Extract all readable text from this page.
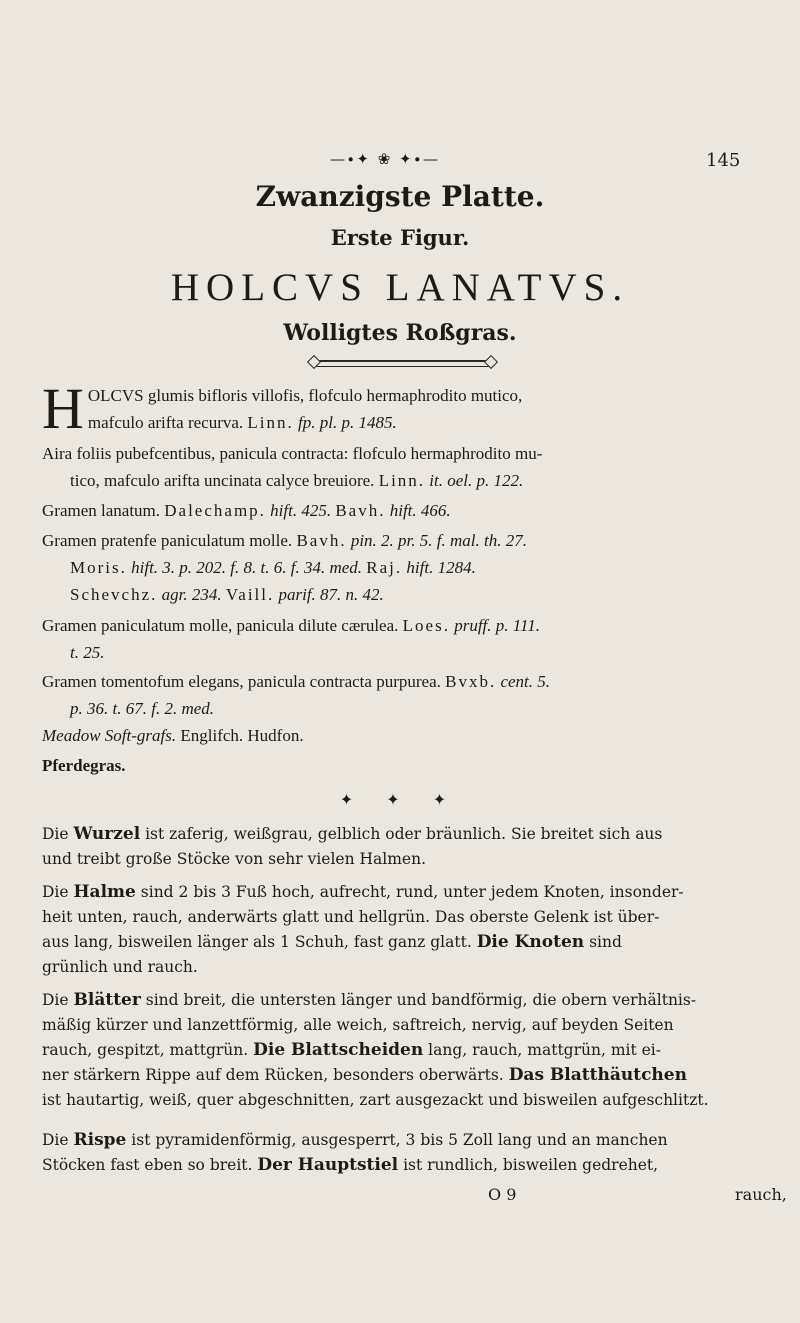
—∙✦ ❀ ✦∙—	145
Zwanzigste Platte.
Erste Figur.
HOLCVS LANATVS.
Wolligtes Roßgras.
H OLCVS glumis bifloris villofis, flofculo hermaphrodito mutico,
mafculo arifta recurva. Linn. fp. pl. p. 1485.
Aira foliis pubefcentibus, panicula contracta: flofculo hermaphrodito mu-
tico, mafculo arifta uncinata calyce breuiore. Linn. it. oel. p. 122.
Gramen lanatum. Dalechamp. hift. 425. Bavh. hift. 466.
Gramen pratenfe paniculatum molle. Bavh. pin. 2. pr. 5. f. mal. th. 27.
Moris. hift. 3. p. 202. f. 8. t. 6. f. 34. med. Raj. hift. 1284.
Schevchz. agr. 234. Vaill. parif. 87. n. 42.
Gramen paniculatum molle, panicula dilute cærulea. Loes. pruff. p. 111.
t. 25.
Gramen tomentofum elegans, panicula contracta purpurea. Bvxb. cent. 5.
p. 36. t. 67. f. 2. med.
Meadow Soft-grafs. Englifch. Hudfon.
Pferdegras.
✦ ✦ ✦
Die Wurzel ist zaferig, weißgrau, gelblich oder bräunlich. Sie breitet sich aus
und treibt große Stöcke von sehr vielen Halmen.
Die Halme sind 2 bis 3 Fuß hoch, aufrecht, rund, unter jedem Knoten, insonder-
heit unten, rauch, anderwärts glatt und hellgrün. Das oberste Gelenk ist über-
aus lang, bisweilen länger als 1 Schuh, fast ganz glatt. Die Knoten sind
grünlich und rauch.
Die Blätter sind breit, die untersten länger und bandförmig, die obern verhältnis-
mäßig kürzer und lanzettförmig, alle weich, saftreich, nervig, auf beyden Seiten
rauch, gespitzt, mattgrün. Die Blattscheiden lang, rauch, mattgrün, mit ei-
ner stärkern Rippe auf dem Rücken, besonders oberwärts. Das Blatthäutchen
ist hautartig, weiß, quer abgeschnitten, zart ausgezackt und bisweilen aufgeschlitzt.
Die Rispe ist pyramidenförmig, ausgesperrt, 3 bis 5 Zoll lang und an manchen
Stöcken fast eben so breit. Der Hauptstiel ist rundlich, bisweilen gedrehet,
O 9	rauch,
